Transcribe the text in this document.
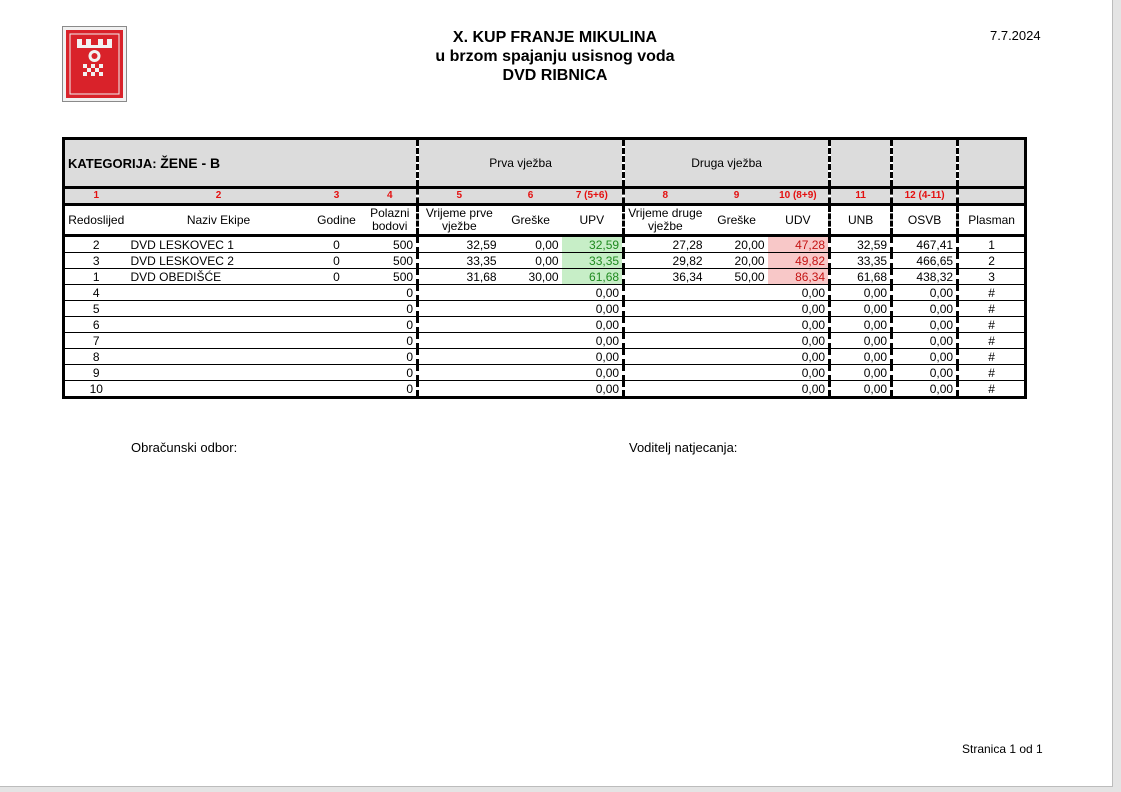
X. KUP FRANJE MIKULINA
u brzom spajanju usisnog voda
DVD RIBNICA
7.7.2024
KATEGORIJA: ŽENE - B				Prva vježba			Druga vježba					
1	2	3	4	5	6	7 (5+6)	8	9	10 (8+9)	11	12 (4-11)	
Redoslijed	Naziv Ekipe	Godine	Polazni bodovi	Vrijeme prve vježbe	Greške	UPV	Vrijeme druge vježbe	Greške	UDV	UNB	OSVB	Plasman
2	DVD LESKOVEC 1	0	500	32,59	0,00	32,59	27,28	20,00	47,28	32,59	467,41	1
3	DVD LESKOVEC 2	0	500	33,35	0,00	33,35	29,82	20,00	49,82	33,35	466,65	2
1	DVD OBEDIŠĆE	0	500	31,68	30,00	61,68	36,34	50,00	86,34	61,68	438,32	3
4			0			0,00			0,00	0,00	0,00	#
5			0			0,00			0,00	0,00	0,00	#
6			0			0,00			0,00	0,00	0,00	#
7			0			0,00			0,00	0,00	0,00	#
8			0			0,00			0,00	0,00	0,00	#
9			0			0,00			0,00	0,00	0,00	#
10			0			0,00			0,00	0,00	0,00	#
Obračunski odbor:	Voditelj natjecanja:
Stranica 1 od 1
